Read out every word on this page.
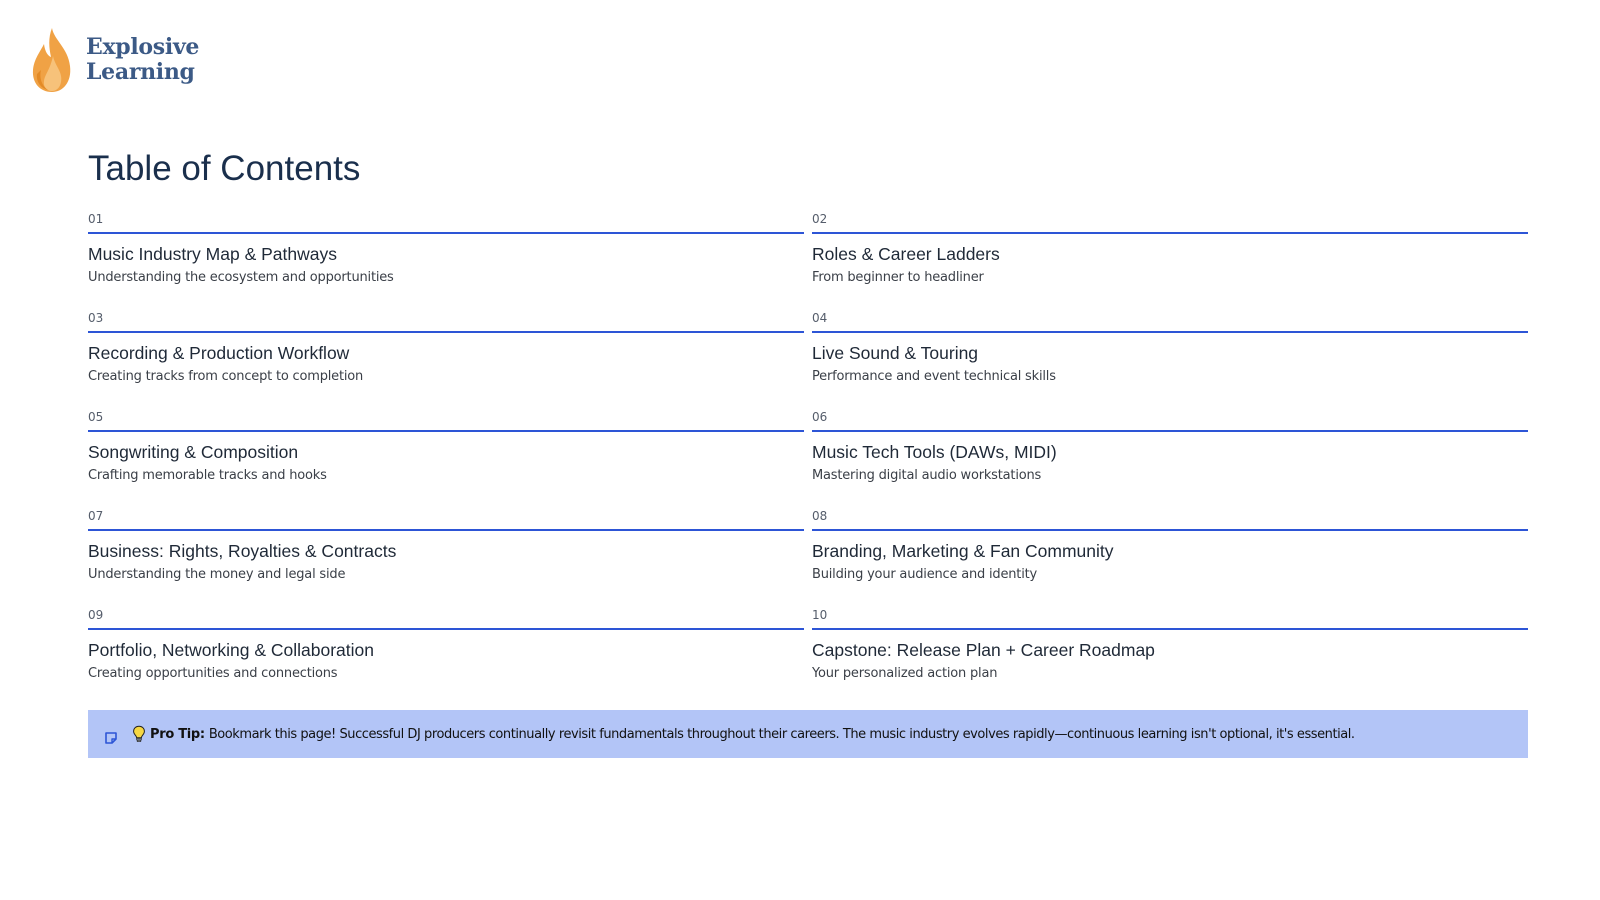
Explosive
Learning
Table of Contents
01
Music Industry Map & Pathways
Understanding the ecosystem and opportunities
02
Roles & Career Ladders
From beginner to headliner
03
Recording & Production Workflow
Creating tracks from concept to completion
04
Live Sound & Touring
Performance and event technical skills
05
Songwriting & Composition
Crafting memorable tracks and hooks
06
Music Tech Tools (DAWs, MIDI)
Mastering digital audio workstations
07
Business: Rights, Royalties & Contracts
Understanding the money and legal side
08
Branding, Marketing & Fan Community
Building your audience and identity
09
Portfolio, Networking & Collaboration
Creating opportunities and connections
10
Capstone: Release Plan + Career Roadmap
Your personalized action plan
Pro Tip: Bookmark this page! Successful DJ producers continually revisit fundamentals throughout their careers. The music industry evolves rapidly—continuous learning isn't optional, it's essential.
